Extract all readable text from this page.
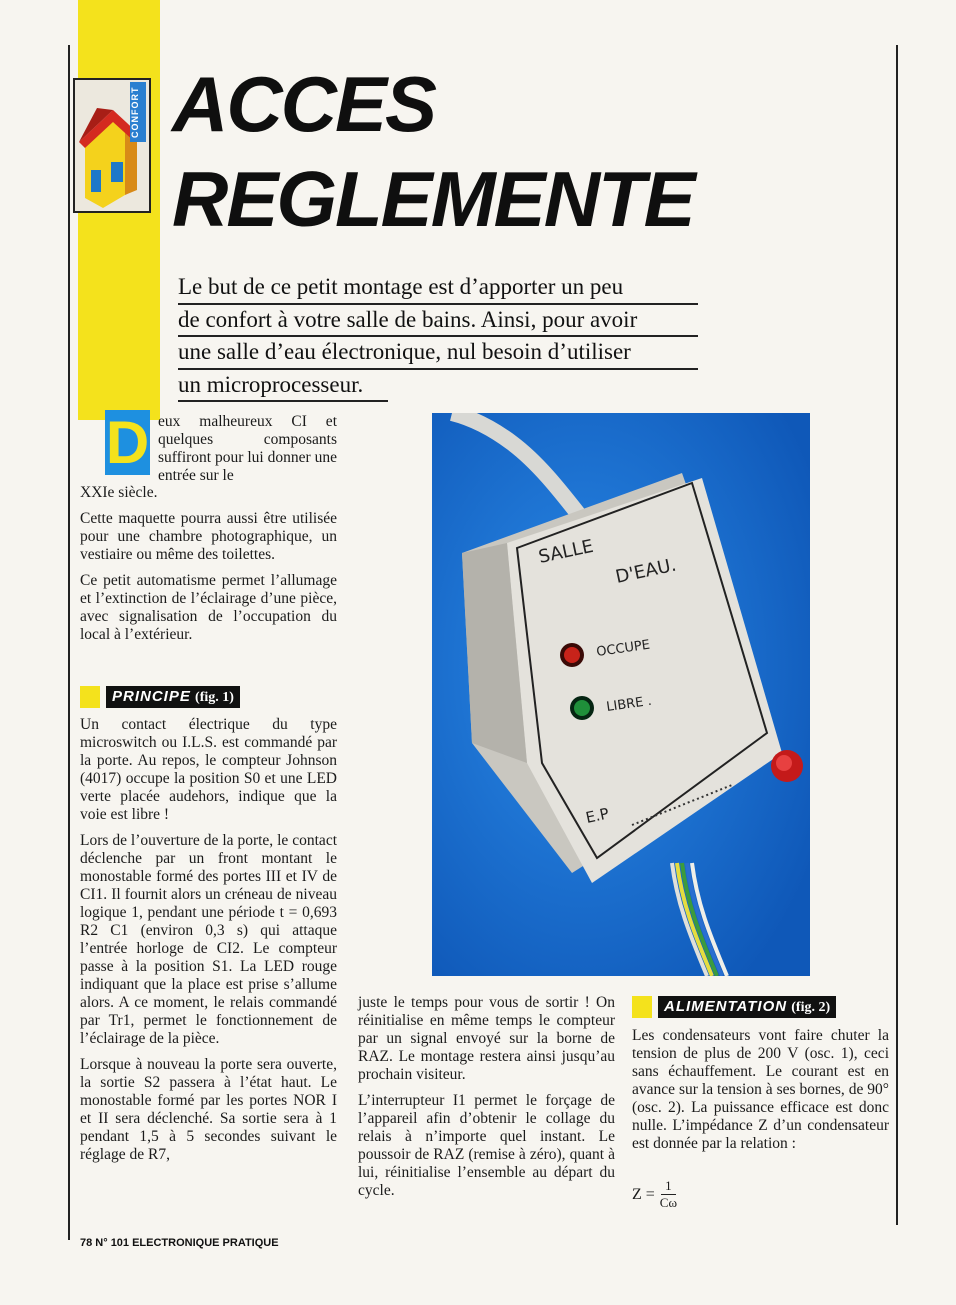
CONFORT ACCES
REGLEMENTE
Le but de ce petit montage est d’apporter un peu
de confort à votre salle de bains. Ainsi, pour avoir
une salle d’eau électronique, nul besoin d’utiliser
un microprocesseur.
D eux malheureux CI et quelques composants suffiront pour lui donner une entrée sur le

XXIe siècle.

Cette maquette pourra aussi être utilisée pour une chambre photographique, un vestiaire ou même des toilettes.

Ce petit automatisme permet l’allumage et l’extinction de l’éclairage d’une pièce, avec signalisation de l’occupation du local à l’extérieur.

PRINCIPE (fig. 1)

Un contact électrique du type microswitch ou I.L.S. est commandé par la porte. Au repos, le compteur Johnson (4017) occupe la position S0 et une LED verte placée audehors, indique que la voie est libre !

Lors de l’ouverture de la porte, le contact déclenche par un front montant le monostable formé des portes III et IV de CI1. Il fournit alors un créneau de niveau logique 1, pendant une période t = 0,693 R2 C1 (environ 0,3 s) qui attaque l’entrée horloge de CI2. Le compteur passe à la position S1. La LED rouge indiquant que la place est prise s’allume alors. A ce moment, le relais commandé par Tr1, permet le fonctionnement de l’éclairage de la pièce.

Lorsque à nouveau la porte sera ouverte, la sortie S2 passera à l’état haut. Le monostable formé par les portes NOR I et II sera déclenché. Sa sortie sera à 1 pendant 1,5 à 5 secondes suivant le réglage de R7,

SALLE
D'EAU.
OCCUPE
LIBRE .
E.P

juste le temps pour vous de sortir ! On réinitialise en même temps le compteur par un signal envoyé sur la borne de RAZ. Le montage restera ainsi jusqu’au prochain visiteur.

L’interrupteur I1 permet le forçage de l’appareil afin d’obtenir le collage du relais à n’importe quel instant. Le poussoir de RAZ (remise à zéro), quant à lui, réinitialise l’ensemble au départ du cycle.

ALIMENTATION (fig. 2)

Les condensateurs vont faire chuter la tension de plus de 200 V (osc. 1), ceci sans échauffement. Le courant est en avance sur la tension à ses bornes, de 90° (osc. 2). La puissance efficace est donc nulle. L’impédance Z d’un condensateur est donnée par la relation :

$Z = \frac{1}{C\omega}$
78 N° 101 ELECTRONIQUE PRATIQUE
